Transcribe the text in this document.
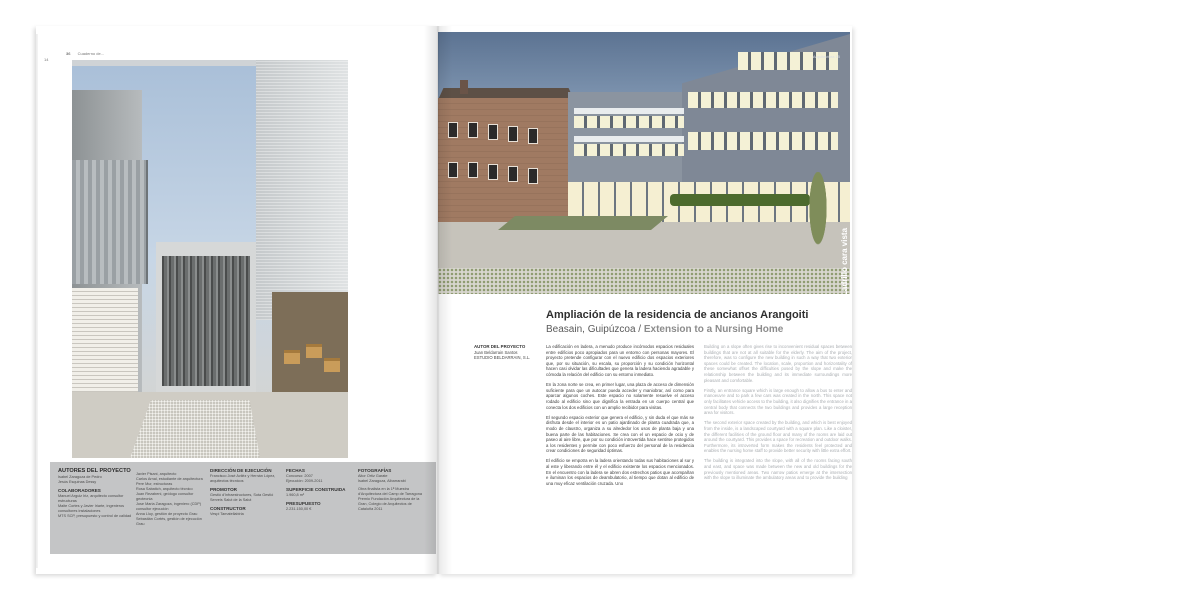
14
36 Cuaderno de...
AUTORES DEL PROYECTO
Isabel Zaragoza de Pedro
Jesús Esquinas Dessy
COLABORADORES
Manuel Arguiz Iriz, arquitecto consultor estructuras
Maite Cortes y Javier Iriarte, ingenieros consultores instalaciones
MTS SCP, presupuesto y control de calidad
Javier Pisani, arquitecto
Carlos Arnal, estudiante de arquitectura
Pere Mur, estructuras
Rosa Sabatich, arquitecto técnico
Juan Rezabeni, geólogo consultor geotecnia
Jose Maria Zaragoza, ingeniero (CDP) consultor ejecución
Anna Lluy, gestión de proyecto Grau
Sebastián Cortés, gestión de ejecución Grau
DIRECCIÓN DE EJECUCIÓN
Francisco José Aviléz y Hernán López, arquitectos técnicos
PROMOTOR
Gestió d'Infraestructures, Sota Gestió Serveis Salut de la Salut
CONSTRUCTOR
Vespi Tamatellabiria
FECHAS
Concurso: 2007
Ejecución: 2009-2011
SUPERFICIE CONSTRUIDA
1.960,8 m²
PRESUPUESTO
2.231.150,00 €
FOTOGRAFÍAS
Aitor Ortiz Garate
Isabel Zaragoza, Albarrarabi
Obra finalista en la 1ª Muestra d'Arquitectura del Camp de Tarragona Premio Fundación Arquitectura de la Gran, Colegio de Arquitectos de Cataluña 2011
Arquitectura 15
Ladrillo cara vista
Ampliación de la residencia de ancianos Arangoiti
Beasain, Guipúzcoa / Extension to a Nursing Home
AUTOR DEL PROYECTO
Juan Beldarrain Santos
ESTUDIO BELDARRAIN, S.L.

La edificación en ladera, a menudo produce incómodos espacios residuales entre edificios poco apropiados para un entorno con personas mayores. El proyecto pretende configurar con el nuevo edificio dos espacios exteriores que, por su situación, su escala, su proporción y su condición horizontal hacen casi olvidar las dificultades que genera la ladera haciendo agradable y cómoda la relación del edificio con su entorno inmediato.

En la zona norte se crea, en primer lugar, una plaza de acceso de dimensión suficiente para que un autocar pueda acceder y maniobrar, así como para aparcar algunos coches. Este espacio no solamente resuelve el acceso rodado al edificio sino que dignifica la entrada en un cuerpo central que conecta los dos edificios con un amplio recibidor para visitas.

El segundo espacio exterior que genera el edificio, y sin duda el que más se disfruta desde el interior es un patio ajardinado de planta cuadrada que, a modo de claustro, organiza a su alrededor los usos de planta baja y una buena parte de las habitaciones. Se crea con el un espacio de ocio y de paseo al aire libre, que por su condición introvertida hace sentirse protegidos a los residentes y permite con poco esfuerzo del personal de la residencia crear condiciones de seguridad óptimas.

El edificio se empotra en la ladera orientando todas sus habitaciones al sur y al este y liberando entre él y el edificio existente los espacios mencionados. En el encuentro con la ladera se abren dos estrechos patios que acompañan e iluminan los espacios de deambulatorio, al tiempo que dotan al edificio de una muy eficaz ventilación cruzada. Uno

Building on a slope often gives rise to inconvenient residual spaces between buildings that are not at all suitable for the elderly. The aim of the project, therefore, was to configure the new building in such a way that two exterior spaces could be created. The location, scale, proportion and horizontality of these somewhat offset the difficulties posed by the slope and make the relationship between the building and its immediate surroundings more pleasant and comfortable.

Firstly, an entrance square which is large enough to allow a bus to enter and manoeuvre and to park a few cars was created in the north. This space not only facilitates vehicle access to the building, it also dignifies the entrance in a central body that connects the two buildings and provides a large reception area for visitors.

The second exterior space created by the building, and which is best enjoyed from the inside, is a landscaped courtyard with a square plan. Like a cloister, the different facilities of the ground floor and many of the rooms are laid out around the courtyard. This provides a space for recreation and outdoor walks. Furthermore, its introverted form makes the residents feel protected and enables the nursing home staff to provide better security with little extra effort.

The building is integrated into the slope, with all of the rooms facing south and east, and space was made between the new and old buildings for the previously mentioned areas. Two narrow patios emerge at the intersection with the slope to illuminate the ambulatory areas and to provide the building
